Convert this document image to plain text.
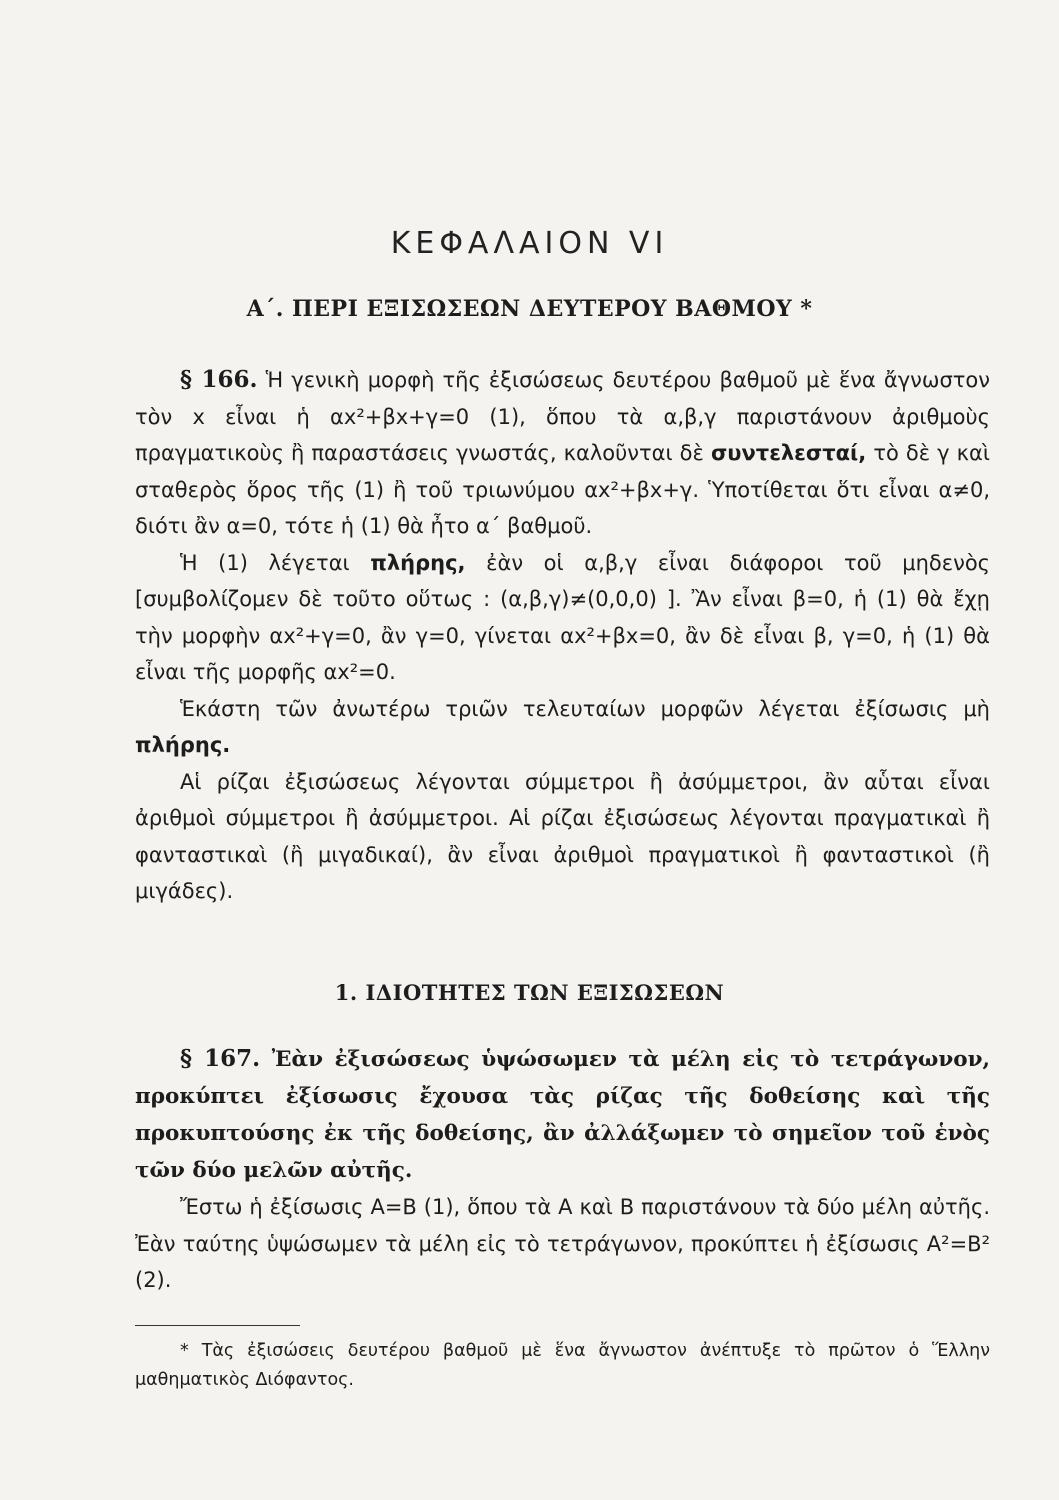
ΚΕΦΑΛΑΙΟΝ VI
Α΄. ΠΕΡΙ ΕΞΙΣΩΣΕΩΝ ΔΕΥΤΕΡΟΥ ΒΑΘΜΟΥ *

§ 166. Ἡ γενικὴ μορφὴ τῆς ἐξισώσεως δευτέρου βαθμοῦ μὲ ἕνα ἄγνωστον τὸν x εἶναι ἡ αx²+βx+γ=0 (1), ὅπου τὰ α,β,γ παριστάνουν ἀριθμοὺς πραγματικοὺς ἢ παραστάσεις γνωστάς, καλοῦνται δὲ συντελεσταί, τὸ δὲ γ καὶ σταθερὸς ὅρος τῆς (1) ἢ τοῦ τριωνύμου αx²+βx+γ. Ὑποτίθεται ὅτι εἶναι α≠0, διότι ἂν α=0, τότε ἡ (1) θὰ ἦτο α΄ βαθμοῦ.

Ἡ (1) λέγεται πλήρης, ἐὰν οἱ α,β,γ εἶναι διάφοροι τοῦ μηδενὸς [συμβολίζομεν δὲ τοῦτο οὕτως : (α,β,γ)≠(0,0,0) ]. Ἂν εἶναι β=0, ἡ (1) θὰ ἔχῃ τὴν μορφὴν αx²+γ=0, ἂν γ=0, γίνεται αx²+βx=0, ἂν δὲ εἶναι β, γ=0, ἡ (1) θὰ εἶναι τῆς μορφῆς αx²=0.

Ἑκάστη τῶν ἀνωτέρω τριῶν τελευταίων μορφῶν λέγεται ἐξίσωσις μὴ πλήρης.

Αἱ ρίζαι ἐξισώσεως λέγονται σύμμετροι ἢ ἀσύμμετροι, ἂν αὗται εἶναι ἀριθμοὶ σύμμετροι ἢ ἀσύμμετροι. Αἱ ρίζαι ἐξισώσεως λέγονται πραγματικαὶ ἢ φανταστικαὶ (ἢ μιγαδικαί), ἂν εἶναι ἀριθμοὶ πραγματικοὶ ἢ φανταστικοὶ (ἢ μιγάδες).

1. ΙΔΙΟΤΗΤΕΣ ΤΩΝ ΕΞΙΣΩΣΕΩΝ

§ 167. Ἐὰν ἐξισώσεως ὑψώσωμεν τὰ μέλη εἰς τὸ τετράγωνον, προκύπτει ἐξίσωσις ἔχουσα τὰς ρίζας τῆς δοθείσης καὶ τῆς προκυπτούσης ἐκ τῆς δοθείσης, ἂν ἀλλάξωμεν τὸ σημεῖον τοῦ ἑνὸς τῶν δύο μελῶν αὐτῆς.

Ἔστω ἡ ἐξίσωσις Α=Β (1), ὅπου τὰ Α καὶ Β παριστάνουν τὰ δύο μέλη αὐτῆς. Ἐὰν ταύτης ὑψώσωμεν τὰ μέλη εἰς τὸ τετράγωνον, προκύπτει ἡ ἐξίσωσις Α²=Β² (2).

* Τὰς ἐξισώσεις δευτέρου βαθμοῦ μὲ ἕνα ἄγνωστον ἀνέπτυξε τὸ πρῶτον ὁ Ἕλλην μαθηματικὸς Διόφαντος.
